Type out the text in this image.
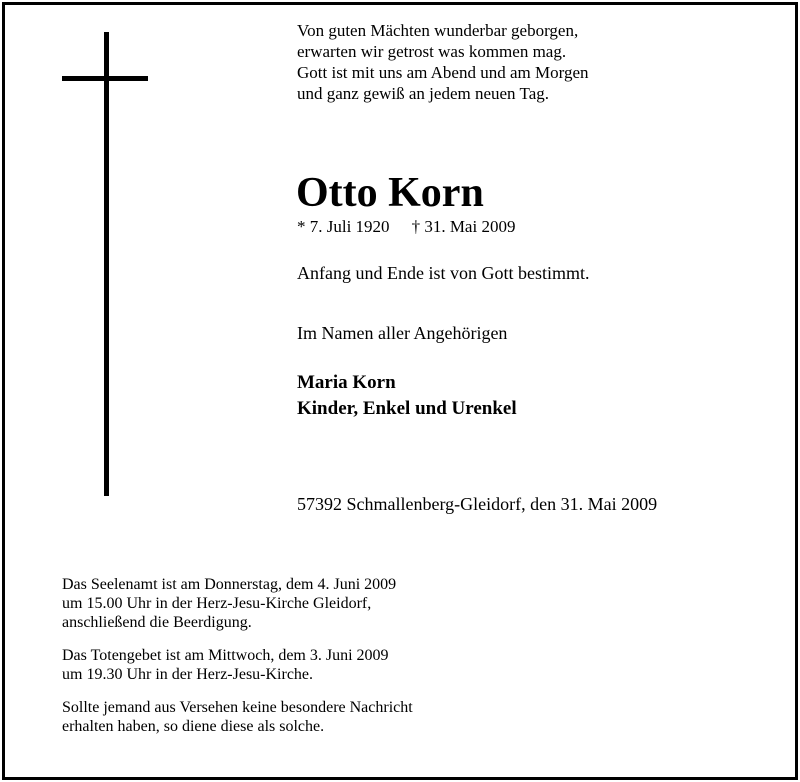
Von guten Mächten wunderbar geborgen,
erwarten wir getrost was kommen mag.
Gott ist mit uns am Abend und am Morgen
und ganz gewiß an jedem neuen Tag.
Otto Korn
* 7. Juli 1920 † 31. Mai 2009
Anfang und Ende ist von Gott bestimmt.
Im Namen aller Angehörigen
Maria Korn
Kinder, Enkel und Urenkel
57392 Schmallenberg-Gleidorf, den 31. Mai 2009
Das Seelenamt ist am Donnerstag, dem 4. Juni 2009
um 15.00 Uhr in der Herz-Jesu-Kirche Gleidorf,
anschließend die Beerdigung.
Das Totengebet ist am Mittwoch, dem 3. Juni 2009
um 19.30 Uhr in der Herz-Jesu-Kirche.
Sollte jemand aus Versehen keine besondere Nachricht
erhalten haben, so diene diese als solche.
